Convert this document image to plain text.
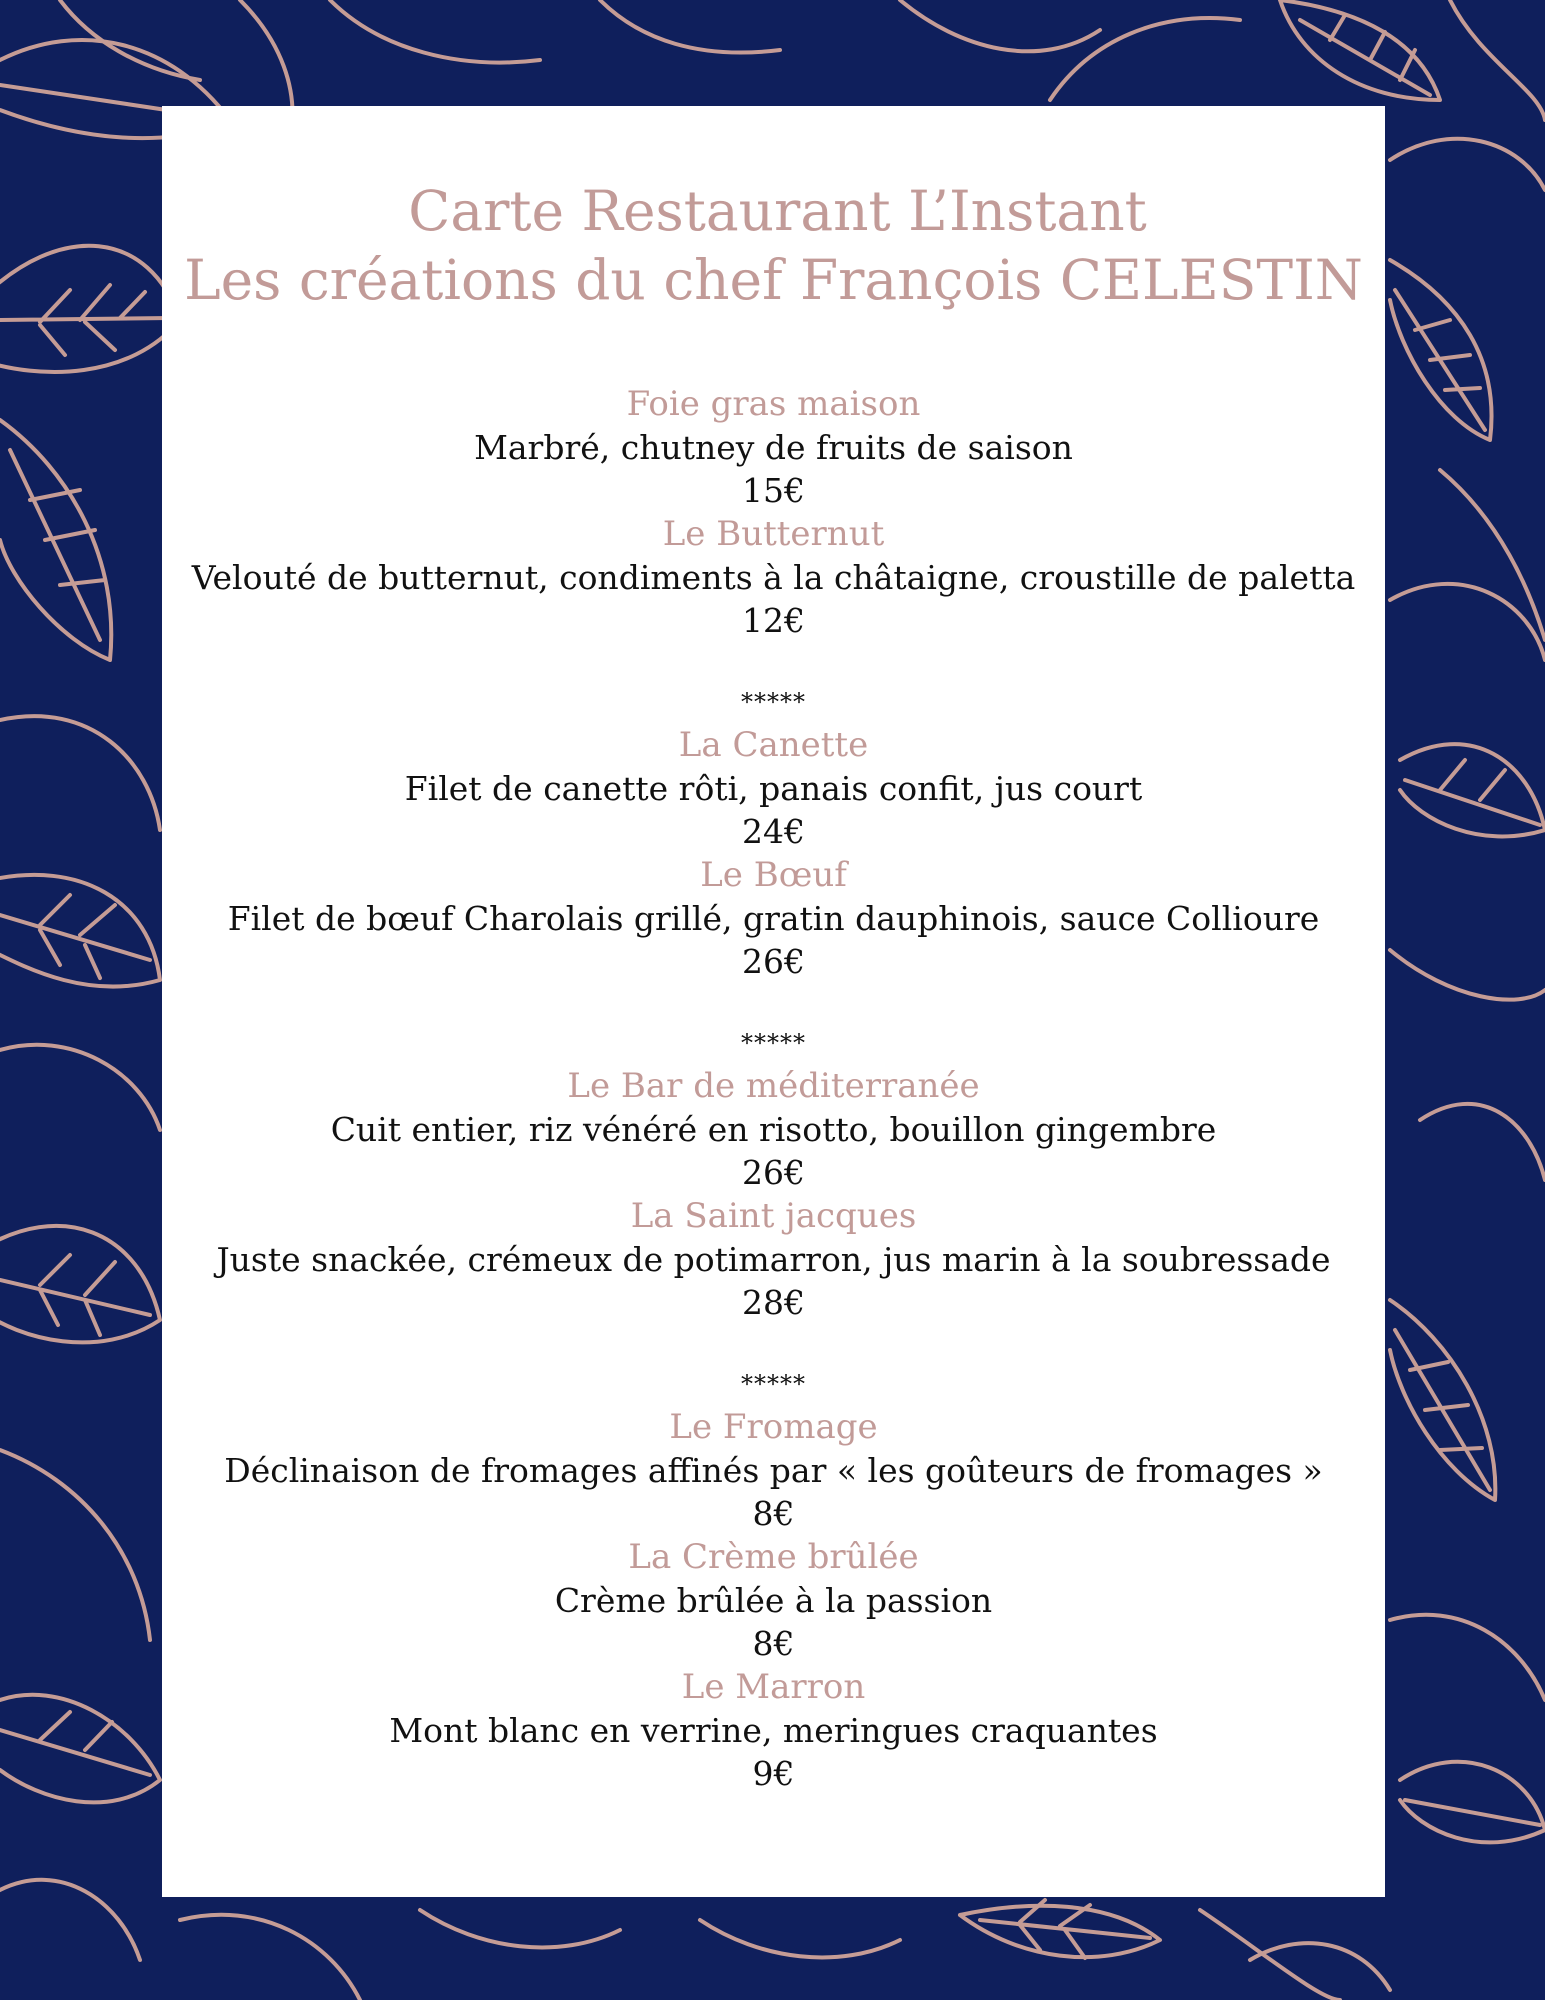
Carte Restaurant L’Instant
Les créations du chef François CELESTIN
Foie gras maison
Marbré, chutney de fruits de saison
15€
Le Butternut
Velouté de butternut, condiments à la châtaigne, croustille de paletta
12€
*****
La Canette
Filet de canette rôti, panais confit, jus court
24€
Le Bœuf
Filet de bœuf Charolais grillé, gratin dauphinois, sauce Collioure
26€
*****
Le Bar de méditerranée
Cuit entier, riz vénéré en risotto, bouillon gingembre
26€
La Saint jacques
Juste snackée, crémeux de potimarron, jus marin à la soubressade
28€
*****
Le Fromage
Déclinaison de fromages affinés par « les goûteurs de fromages »
8€
La Crème brûlée
Crème brûlée à la passion
8€
Le Marron
Mont blanc en verrine, meringues craquantes
9€
